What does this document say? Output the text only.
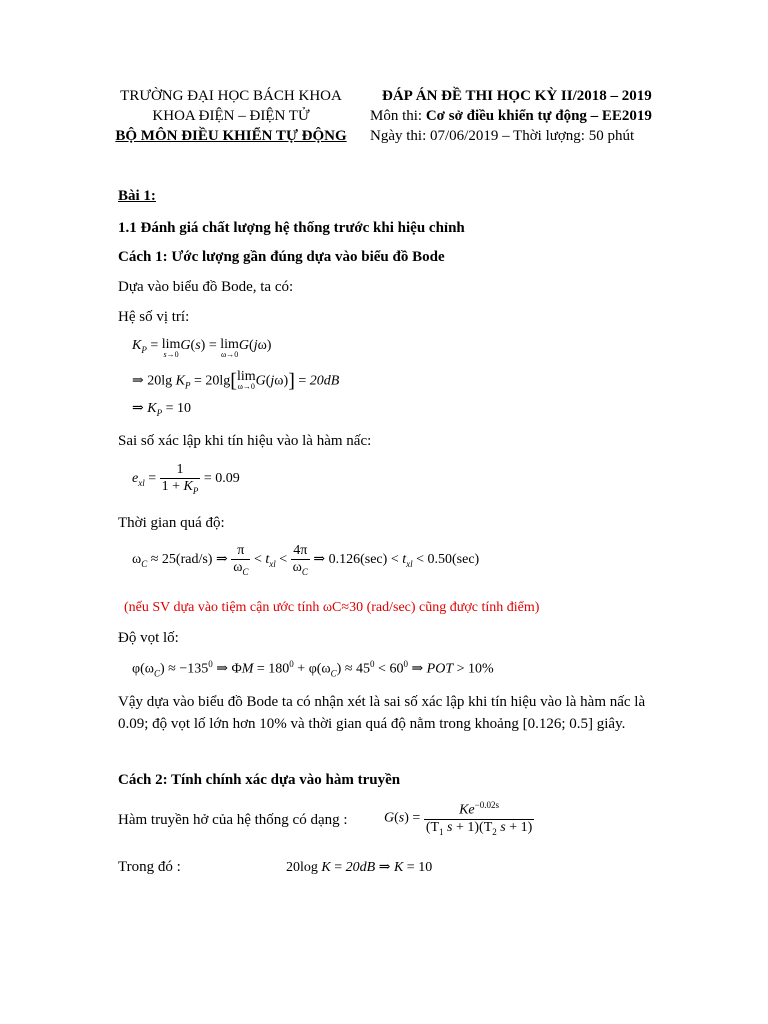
TRƯỜNG ĐẠI HỌC BÁCH KHOA
KHOA ĐIỆN – ĐIỆN TỬ
BỘ MÔN ĐIỀU KHIỂN TỰ ĐỘNG
ĐÁP ÁN ĐỀ THI HỌC KỲ II/2018 – 2019
Môn thi: Cơ sở điều khiển tự động – EE2019
Ngày thi: 07/06/2019 – Thời lượng: 50 phút
Bài 1:
1.1 Đánh giá chất lượng hệ thống trước khi hiệu chỉnh
Cách 1: Ước lượng gần đúng dựa vào biểu đồ Bode
Dựa vào biểu đồ Bode, ta có:
Hệ số vị trí:
$K_P = \lim$
s→0
G(s) = lim
ω→0
G(jω)
⇒ 20lg $K_P = 20\lg[\lim$
ω→0 G(jω)] = 20dB
⇒ $K_P = 10$
Sai số xác lập khi tín hiệu vào là hàm nấc:
$e_{xl} = \frac{1}{1 + K_P} = 0.09$
Thời gian quá độ:
$\omega_C \approx 25(rad/s)$ ⇒ $\frac{\pi}{\omega_C} < t_{xl} < \frac{4\pi}{\omega_C}$ ⇒ $0.126(\sec) < t_{xl} < 0.50(\sec)$
(nếu SV dựa vào tiệm cận ước tính ωC≈30 (rad/sec) cũng được tính điểm)
Độ vọt lố:
$\varphi(\omega_C) \approx -135^0$ ⇒ $\Phi M = 180^0 + \varphi(\omega_C) \approx 45^0 < 60^0$ ⇒ POT > 10%
Vậy dựa vào biểu đồ Bode ta có nhận xét là sai số xác lập khi tín hiệu vào là hàm nấc là
0.09; độ vọt lố lớn hơn 10% và thời gian quá độ nằm trong khoảng [0.126; 0.5] giây.
Cách 2: Tính chính xác dựa vào hàm truyền
Hàm truyền hở của hệ thống có dạng :	$G(s) = \frac{Ke^{-0.02s}}{(T_1 s + 1)(T_2 s + 1)}$
Trong đó :	20log K = 20dB ⇒ K = 10
